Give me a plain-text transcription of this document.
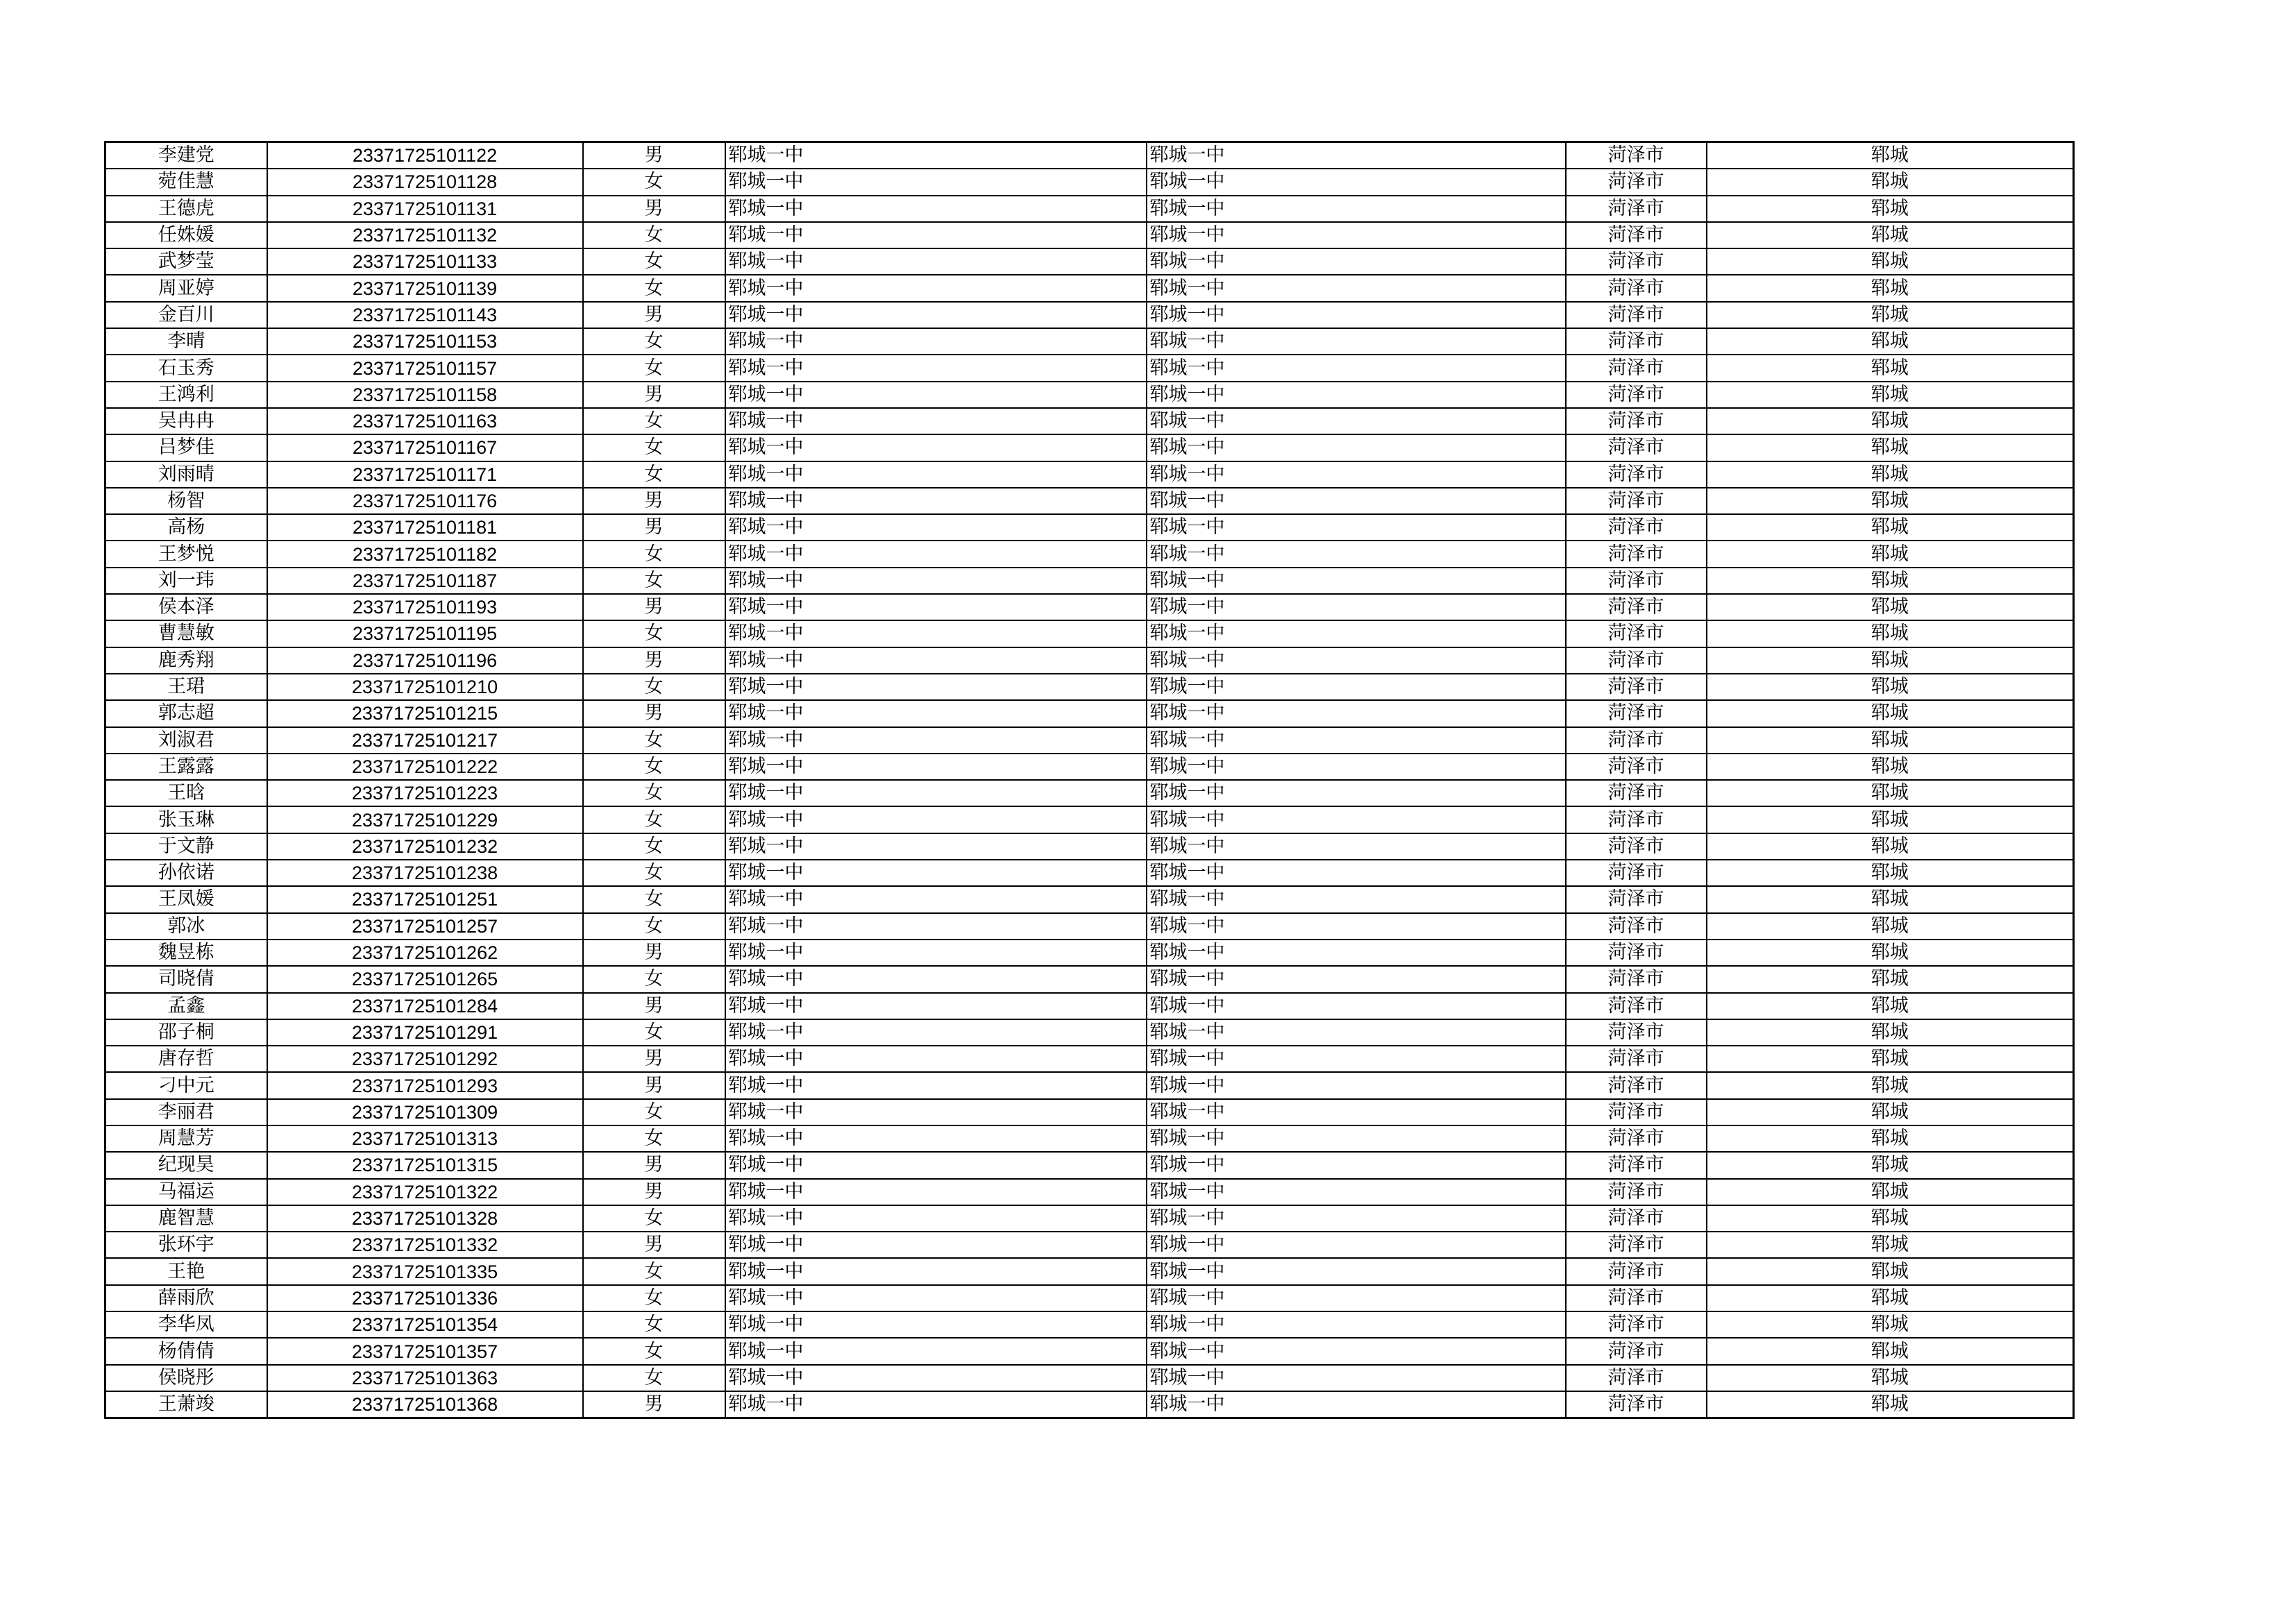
李建党	23371725101122	男	郓城一中	郓城一中	菏泽市	郓城
菀佳慧	23371725101128	女	郓城一中	郓城一中	菏泽市	郓城
王德虎	23371725101131	男	郓城一中	郓城一中	菏泽市	郓城
任姝媛	23371725101132	女	郓城一中	郓城一中	菏泽市	郓城
武梦莹	23371725101133	女	郓城一中	郓城一中	菏泽市	郓城
周亚婷	23371725101139	女	郓城一中	郓城一中	菏泽市	郓城
金百川	23371725101143	男	郓城一中	郓城一中	菏泽市	郓城
李晴	23371725101153	女	郓城一中	郓城一中	菏泽市	郓城
石玉秀	23371725101157	女	郓城一中	郓城一中	菏泽市	郓城
王鸿利	23371725101158	男	郓城一中	郓城一中	菏泽市	郓城
吴冉冉	23371725101163	女	郓城一中	郓城一中	菏泽市	郓城
吕梦佳	23371725101167	女	郓城一中	郓城一中	菏泽市	郓城
刘雨晴	23371725101171	女	郓城一中	郓城一中	菏泽市	郓城
杨智	23371725101176	男	郓城一中	郓城一中	菏泽市	郓城
高杨	23371725101181	男	郓城一中	郓城一中	菏泽市	郓城
王梦悦	23371725101182	女	郓城一中	郓城一中	菏泽市	郓城
刘一玮	23371725101187	女	郓城一中	郓城一中	菏泽市	郓城
侯本泽	23371725101193	男	郓城一中	郓城一中	菏泽市	郓城
曹慧敏	23371725101195	女	郓城一中	郓城一中	菏泽市	郓城
鹿秀翔	23371725101196	男	郓城一中	郓城一中	菏泽市	郓城
王珺	23371725101210	女	郓城一中	郓城一中	菏泽市	郓城
郭志超	23371725101215	男	郓城一中	郓城一中	菏泽市	郓城
刘淑君	23371725101217	女	郓城一中	郓城一中	菏泽市	郓城
王露露	23371725101222	女	郓城一中	郓城一中	菏泽市	郓城
王晗	23371725101223	女	郓城一中	郓城一中	菏泽市	郓城
张玉琳	23371725101229	女	郓城一中	郓城一中	菏泽市	郓城
于文静	23371725101232	女	郓城一中	郓城一中	菏泽市	郓城
孙依诺	23371725101238	女	郓城一中	郓城一中	菏泽市	郓城
王凤媛	23371725101251	女	郓城一中	郓城一中	菏泽市	郓城
郭冰	23371725101257	女	郓城一中	郓城一中	菏泽市	郓城
魏昱栋	23371725101262	男	郓城一中	郓城一中	菏泽市	郓城
司晓倩	23371725101265	女	郓城一中	郓城一中	菏泽市	郓城
孟鑫	23371725101284	男	郓城一中	郓城一中	菏泽市	郓城
邵子桐	23371725101291	女	郓城一中	郓城一中	菏泽市	郓城
唐存哲	23371725101292	男	郓城一中	郓城一中	菏泽市	郓城
刁中元	23371725101293	男	郓城一中	郓城一中	菏泽市	郓城
李丽君	23371725101309	女	郓城一中	郓城一中	菏泽市	郓城
周慧芳	23371725101313	女	郓城一中	郓城一中	菏泽市	郓城
纪现昊	23371725101315	男	郓城一中	郓城一中	菏泽市	郓城
马福运	23371725101322	男	郓城一中	郓城一中	菏泽市	郓城
鹿智慧	23371725101328	女	郓城一中	郓城一中	菏泽市	郓城
张环宇	23371725101332	男	郓城一中	郓城一中	菏泽市	郓城
王艳	23371725101335	女	郓城一中	郓城一中	菏泽市	郓城
薛雨欣	23371725101336	女	郓城一中	郓城一中	菏泽市	郓城
李华凤	23371725101354	女	郓城一中	郓城一中	菏泽市	郓城
杨倩倩	23371725101357	女	郓城一中	郓城一中	菏泽市	郓城
侯晓彤	23371725101363	女	郓城一中	郓城一中	菏泽市	郓城
王萧竣	23371725101368	男	郓城一中	郓城一中	菏泽市	郓城
